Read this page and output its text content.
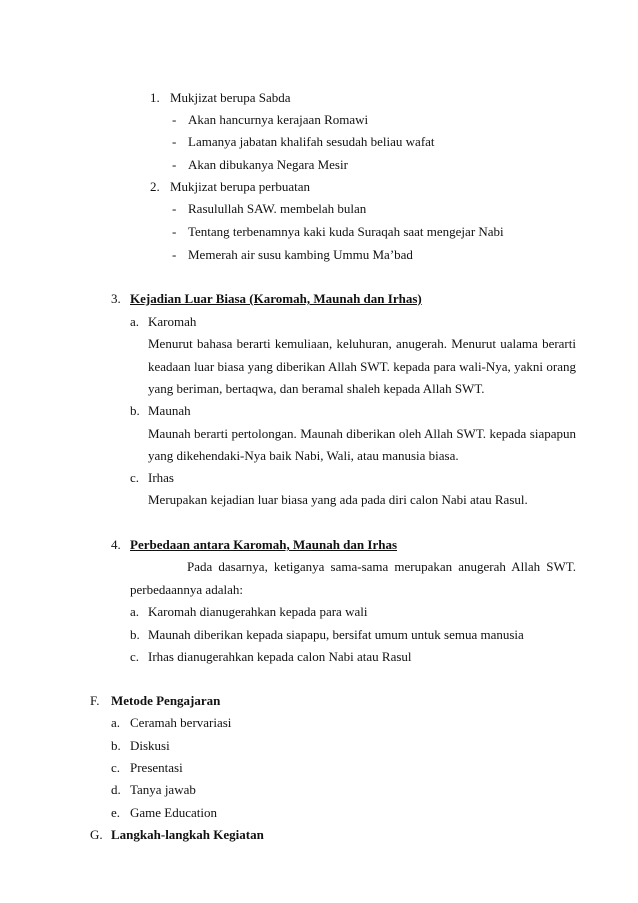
1. Mukjizat berupa Sabda
- Akan hancurnya kerajaan Romawi
- Lamanya jabatan khalifah sesudah beliau wafat
- Akan dibukanya Negara Mesir
2. Mukjizat berupa perbuatan
- Rasulullah SAW. membelah bulan
- Tentang terbenamnya kaki kuda Suraqah saat mengejar Nabi
- Memerah air susu kambing Ummu Ma’bad
3. Kejadian Luar Biasa (Karomah, Maunah dan Irhas)
a. Karomah
Menurut bahasa berarti kemuliaan, keluhuran, anugerah. Menurut ualama berarti
keadaan luar biasa yang diberikan Allah SWT. kepada para wali-Nya, yakni orang
yang beriman, bertaqwa, dan beramal shaleh kepada Allah SWT.
b. Maunah
Maunah berarti pertolongan. Maunah diberikan oleh Allah SWT. kepada siapapun
yang dikehendaki-Nya baik Nabi, Wali, atau manusia biasa.
c. Irhas
Merupakan kejadian luar biasa yang ada pada diri calon Nabi atau Rasul.
4. Perbedaan antara Karomah, Maunah dan Irhas
Pada dasarnya, ketiganya sama-sama merupakan anugerah Allah SWT.
perbedaannya adalah:
a. Karomah dianugerahkan kepada para wali
b. Maunah diberikan kepada siapapu, bersifat umum untuk semua manusia
c. Irhas dianugerahkan kepada calon Nabi atau Rasul
F. Metode Pengajaran
a. Ceramah bervariasi
b. Diskusi
c. Presentasi
d. Tanya jawab
e. Game Education
G. Langkah-langkah Kegiatan
